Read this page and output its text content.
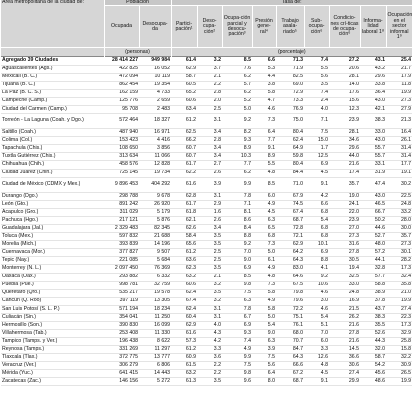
Área metropolitana de la ciudad de:	Población		Tasa de:								
	Ocupada	Desocupa-da	Partici-pación¹	Deso-cupa-ción²	Ocupa-ción parcial y desocu-pación³	Presión gene-ral⁴	Trabajo asala-riado⁵	Sub-ocupa-ción⁶	Condicio-nes crí-ticas de ocupa-ción⁶	Informa-lidad laboral 1⁸	Ocupación en el sector informal 1⁹
	(personas)		(porcentaje)								
Agregado 39 Ciudades	28 414 227	949 984	61.4	3.2	8.5	6.6	71.3	7.4	27.2	43.1	25.4
Aguascalientes (Ags.)	422 825	16 052	62.9	3.7	7.6	5.3	71.9	5.5	20.6	43.2	21.7
Mexicali (B. C.)	472 094	10 119	58.7	2.1	6.2	4.4	82.5	5.6	28.1	29.6	17.9
Tijuana (B. C.)	862 454	19 354	60.5	2.2	5.7	3.8	69.0	3.5	14.0	33.8	11.8
La Paz (B. C. S.)	162 159	4 733	65.2	2.8	6.2	5.8	72.9	7.4	17.6	36.4	19.9
Campeche (Camp.)	125 776	2 659	60.6	2.0	5.2	4.7	73.3	2.4	15.6	43.0	27.3
Ciudad del Carmen (Camp.)	95 708	2 483	63.4	2.5	5.0	4.6	76.9	4.0	12.3	42.1	27.9
Torreón - La Laguna (Coah. y Dgo.)	572 464	18 327	61.2	3.1	9.2	7.3	75.0	7.1	23.9	38.3	21.3
Saltillo (Coah.)	487 940	16 971	62.5	3.4	8.2	6.4	80.4	7.5	28.1	33.0	16.4
Colima (Col.)	153 423	4 416	66.2	2.8	9.3	7.7	62.4	15.0	34.6	43.0	26.1
Tapachula (Chis.)	108 650	3 856	60.7	3.4	8.9	9.1	64.9	1.7	29.6	55.7	31.4
Tuxtla Gutiérrez (Chis.)	313 634	11 066	60.7	3.4	10.3	8.9	59.8	12.5	44.0	55.7	31.4
Chihuahua (Chih.)	458 576	12 828	61.7	2.7	7.7	5.5	80.4	6.9	21.6	33.1	17.7
Ciudad Juárez (Chih.)	725 145	19 734	62.2	2.6	6.2	4.8	84.4	4.5	17.4	31.9	19.1
Ciudad de México (CDMX y Mex.)	9 896 453	404 292	61.6	3.9	9.9	8.5	71.0	9.1	35.7	47.4	30.2
Durango (Dgo.)	298 788	9 678	62.8	3.1	7.8	6.0	67.9	4.2	19.0	43.0	22.5
León (Gto.)	891 242	26 920	61.7	2.9	7.1	4.9	74.5	6.6	24.1	46.5	24.8
Acapulco (Gro.)	311 029	5 179	61.8	1.6	8.1	4.5	67.4	6.8	22.0	66.7	33.2
Pachuca (Hgo.)	217 121	5 876	62.1	2.6	8.6	6.3	68.7	5.4	23.9	50.2	28.0
Guadalajara (Jal.)	2 329 483	82 345	62.6	3.4	8.4	6.5	72.8	6.8	27.0	44.6	30.0
Toluca (Mex.)	597 832	21 688	58.4	3.5	8.8	6.8	72.1	6.8	27.3	52.7	35.7
Morelia (Mich.)	393 839	14 196	65.6	3.5	9.2	7.3	62.9	10.1	31.6	48.0	27.3
Cuernavaca (Mor.)	377 827	9 507	61.2	2.5	7.0	5.0	64.2	6.9	27.8	57.2	30.1
Tepic (Nay.)	221 085	5 684	63.6	2.5	9.0	6.1	64.3	8.8	30.5	44.1	28.2
Monterrey (N. L.)	2 097 450	76 369	62.3	3.5	6.9	4.9	83.0	4.1	19.4	32.8	17.3
Oaxaca (Oax.)	293 882	6 332	63.2	2.1	8.5	4.8	64.6	9.2	32.5	57.7	32.4
Puebla (Pue.)	998 781	32 759	60.6	3.2	9.8	7.3	67.5	10.6	33.0	58.8	35.8
Querétaro (Qro.)	535 217	19 578	62.4	3.5	7.5	5.8	79.8	4.6	24.8	38.9	21.0
Cancún (Q. Roo)	397 119	13 305	67.4	3.2	6.3	4.9	79.6	3.0	16.9	37.8	19.9
San Luis Potosí (S. L. P.)	571 194	18 234	62.4	3.1	7.8	5.8	72.2	4.6	21.5	43.7	27.4
Culiacán (Sin.)	354 041	11 250	60.4	3.1	6.7	5.0	75.1	5.4	26.2	38.3	22.3
Hermosillo (Son.)	390 830	16 099	62.9	4.0	6.9	5.4	76.1	5.1	21.6	35.5	17.3
Villahermosa (Tab.)	253 408	11 330	61.6	4.3	9.3	9.0	68.0	7.0	27.8	52.6	32.9
Tampico (Tamps. y Ver.)	196 438	8 622	57.3	4.2	7.4	6.3	70.7	6.0	21.6	44.3	25.8
Reynosa (Tamps.)	331 269	11 297	61.2	3.3	4.9	3.9	84.7	3.3	14.5	32.0	15.8
Tlaxcala (Tlax.)	372 775	13 777	60.9	3.6	9.9	7.5	64.3	12.6	36.6	58.7	32.2
Veracruz (Ver.)	306 279	6 806	61.5	2.2	7.5	5.6	66.6	4.8	30.6	54.2	30.9
Mérida (Yuc.)	641 415	14 443	63.2	2.2	9.8	6.4	67.2	4.5	27.4	45.6	26.5
Zacatecas (Zac.)	146 156	5 272	61.3	3.5	9.6	8.0	68.7	9.1	29.9	48.6	19.9
